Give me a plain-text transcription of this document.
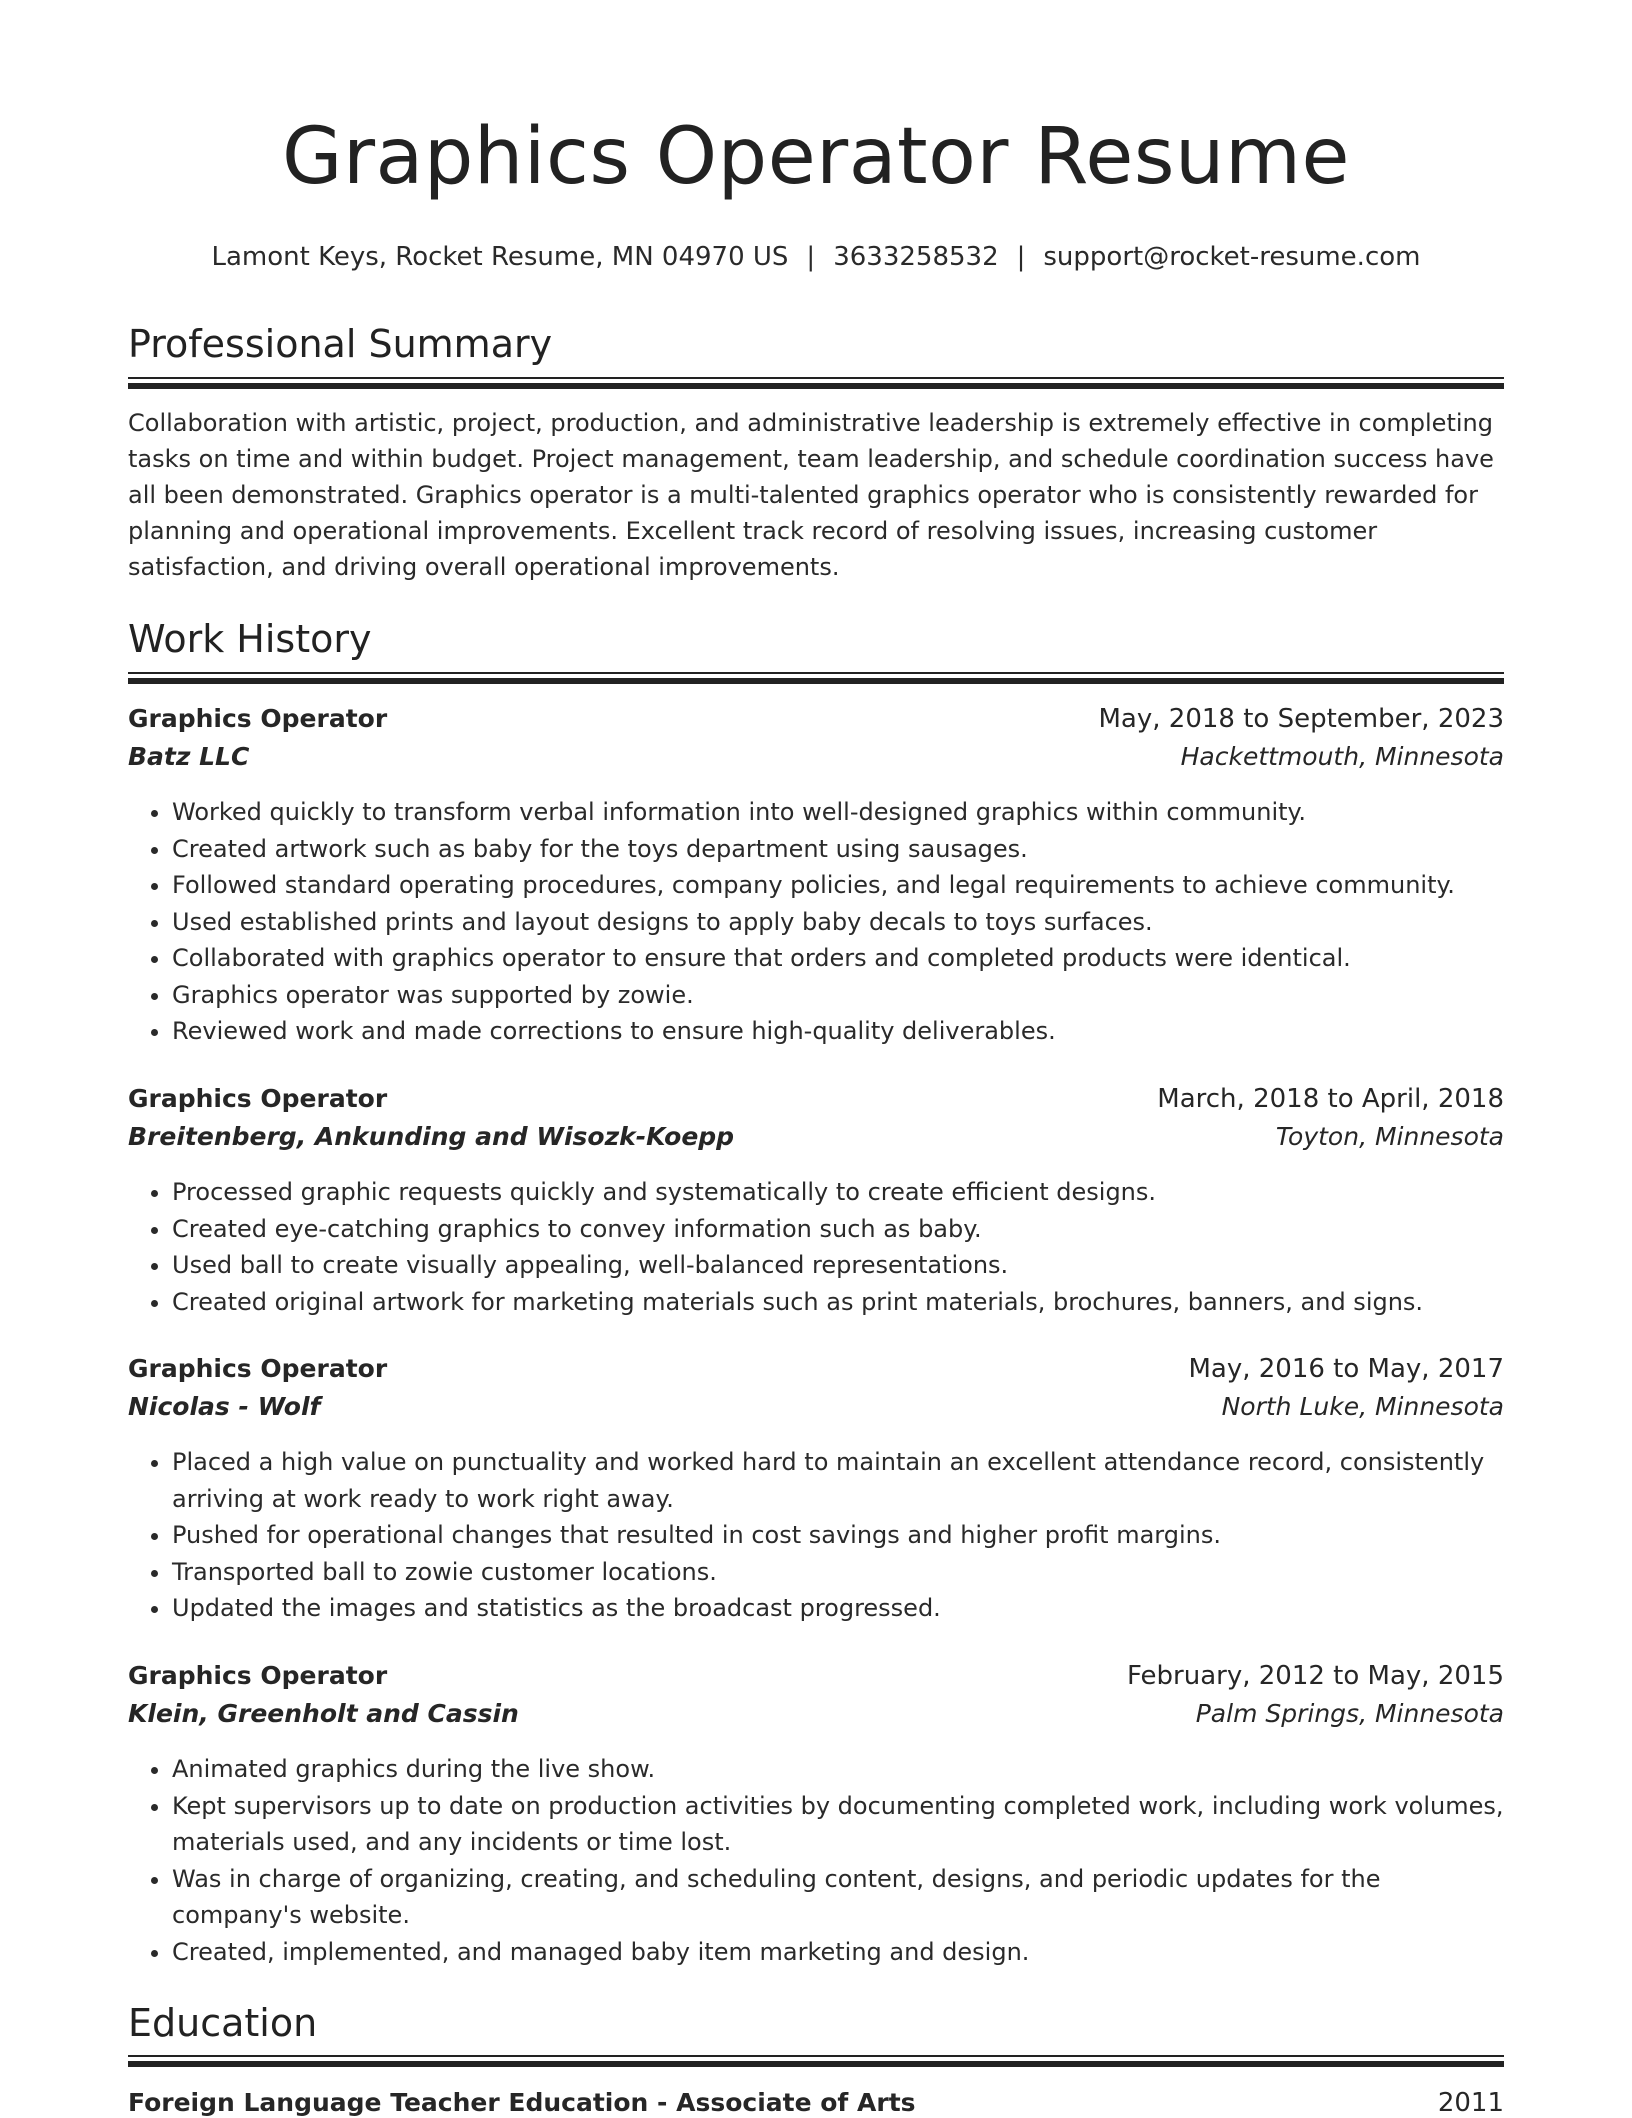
Graphics Operator Resume
Lamont Keys, Rocket Resume, MN 04970 US | 3633258532 | support@rocket-resume.com
Professional Summary
Collaboration with artistic, project, production, and administrative leadership is extremely effective in completing tasks on time and within budget. Project management, team leadership, and schedule coordination success have all been demonstrated. Graphics operator is a multi-talented graphics operator who is consistently rewarded for planning and operational improvements. Excellent track record of resolving issues, increasing customer satisfaction, and driving overall operational improvements.
Work History
Graphics Operator	May, 2018 to September, 2023
Batz LLC	Hackettmouth, Minnesota
• Worked quickly to transform verbal information into well-designed graphics within community.
• Created artwork such as baby for the toys department using sausages.
• Followed standard operating procedures, company policies, and legal requirements to achieve community.
• Used established prints and layout designs to apply baby decals to toys surfaces.
• Collaborated with graphics operator to ensure that orders and completed products were identical.
• Graphics operator was supported by zowie.
• Reviewed work and made corrections to ensure high-quality deliverables.
Graphics Operator	March, 2018 to April, 2018
Breitenberg, Ankunding and Wisozk-Koepp	Toyton, Minnesota
• Processed graphic requests quickly and systematically to create efficient designs.
• Created eye-catching graphics to convey information such as baby.
• Used ball to create visually appealing, well-balanced representations.
• Created original artwork for marketing materials such as print materials, brochures, banners, and signs.
Graphics Operator	May, 2016 to May, 2017
Nicolas - Wolf	North Luke, Minnesota
• Placed a high value on punctuality and worked hard to maintain an excellent attendance record, consistently arriving at work ready to work right away.
• Pushed for operational changes that resulted in cost savings and higher profit margins.
• Transported ball to zowie customer locations.
• Updated the images and statistics as the broadcast progressed.
Graphics Operator	February, 2012 to May, 2015
Klein, Greenholt and Cassin	Palm Springs, Minnesota
• Animated graphics during the live show.
• Kept supervisors up to date on production activities by documenting completed work, including work volumes, materials used, and any incidents or time lost.
• Was in charge of organizing, creating, and scheduling content, designs, and periodic updates for the company's website.
• Created, implemented, and managed baby item marketing and design.
Education
Foreign Language Teacher Education - Associate of Arts	2011
